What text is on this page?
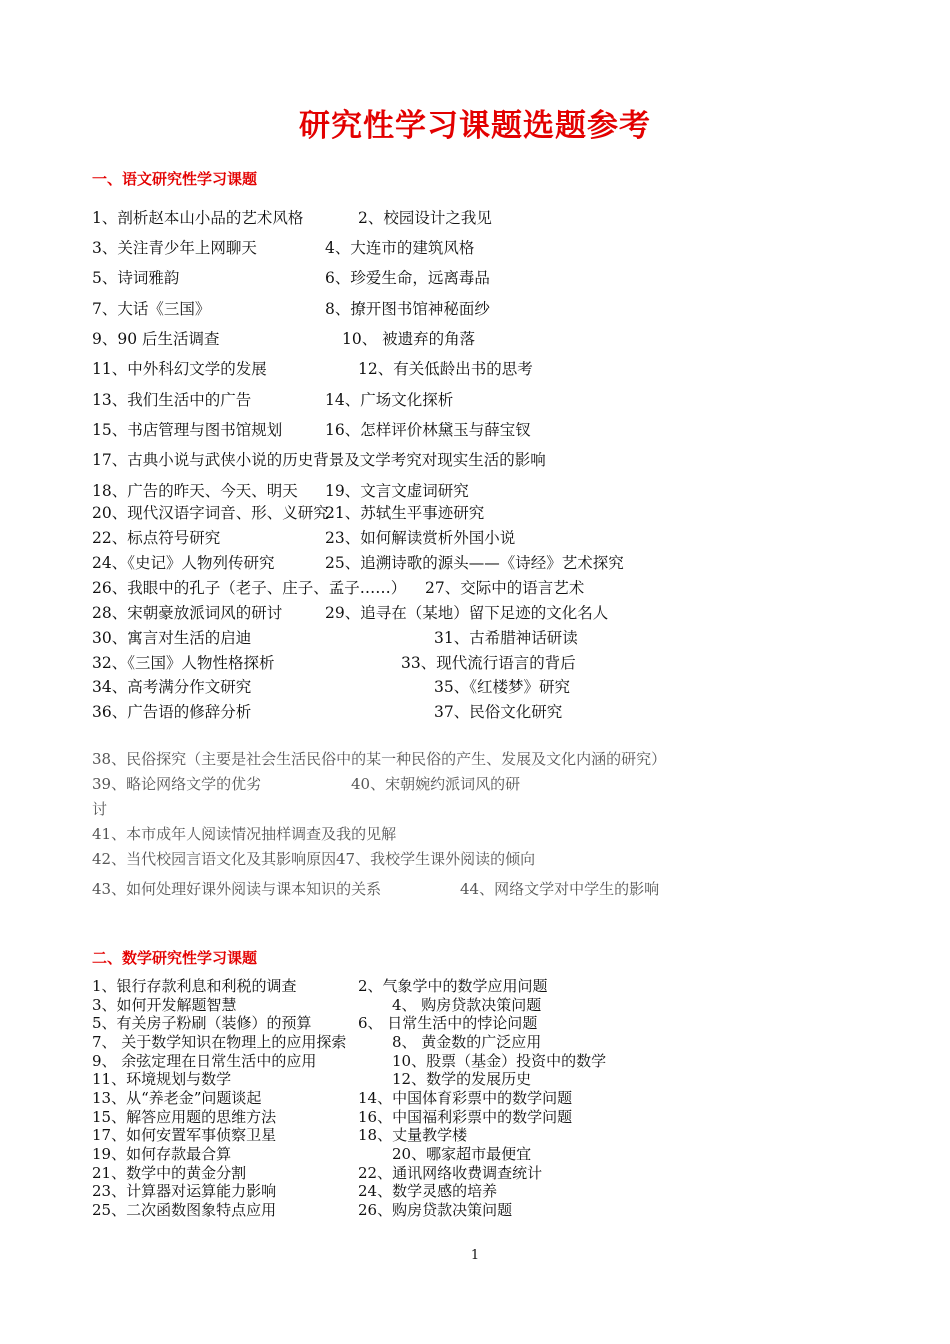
研究性学习课题选题参考
一、语文研究性学习课题
1、剖析赵本山小品的艺术风格	2、校园设计之我见
3、关注青少年上网聊天	4、大连市的建筑风格
5、诗词雅韵	6、珍爱生命，远离毒品
7、大话《三国》	8、撩开图书馆神秘面纱
9、90 后生活调查	10、 被遗弃的角落
11、中外科幻文学的发展	12、有关低龄出书的思考
13、我们生活中的广告	14、广场文化探析
15、书店管理与图书馆规划	16、怎样评价林黛玉与薛宝钗
17、古典小说与武侠小说的历史背景及文学考究对现实生活的影响
18、广告的昨天、今天、明天 19、文言文虚词研究
20、现代汉语字词音、形、义研究
21、苏轼生平事迹研究
22、标点符号研究	23、如何解读赏析外国小说
24、《史记》人物列传研究	25、追溯诗歌的源头——《诗经》艺术探究
26、我眼中的孔子（老子、庄子、孟子……） 27、交际中的语言艺术
28、宋朝豪放派词风的研讨	29、追寻在（某地）留下足迹的文化名人
30、寓言对生活的启迪	31、古希腊神话研读
32、《三国》人物性格探析	33、现代流行语言的背后
34、高考满分作文研究	35、《红楼梦》研究
36、广告语的修辞分析	37、民俗文化研究
38、民俗探究（主要是社会生活民俗中的某一种民俗的产生、发展及文化内涵的研究）
39、略论网络文学的优劣	40、宋朝婉约派词风的研
讨
41、本市成年人阅读情况抽样调查及我的见解
42、当代校园言语文化及其影响原因 47、我校学生课外阅读的倾向
43、如何处理好课外阅读与课本知识的关系	44、网络文学对中学生的影响
二、数学研究性学习课题
1、银行存款利息和利税的调查	2、气象学中的数学应用问题
3、如何开发解题智慧	4、 购房贷款决策问题
5、有关房子粉刷（装修）的预算	6、 日常生活中的悖论问题
7、 关于数学知识在物理上的应用探索	8、 黄金数的广泛应用
9、 余弦定理在日常生活中的应用	10、股票（基金）投资中的数学
11、环境规划与数学	12、数学的发展历史
13、从“养老金”问题谈起	14、中国体育彩票中的数学问题
15、解答应用题的思维方法	16、中国福利彩票中的数学问题
17、如何安置军事侦察卫星	18、丈量教学楼
19、如何存款最合算	20、哪家超市最便宜
21、数学中的黄金分割	22、通讯网络收费调查统计
23、计算器对运算能力影响	24、数学灵感的培养
25、二次函数图象特点应用	26、购房贷款决策问题
1
